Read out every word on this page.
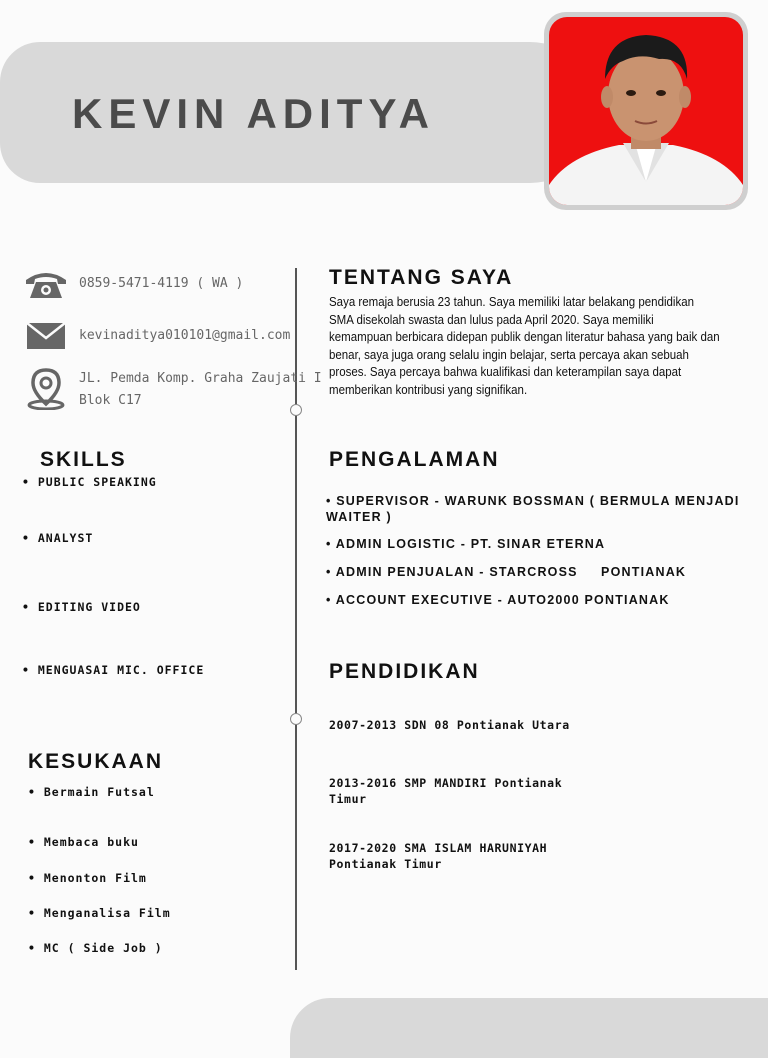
KEVIN ADITYA
0859-5471-4119 ( WA )
kevinaditya010101@gmail.com
JL. Pemda Komp. Graha Zaujati I
Blok C17
SKILLS
• PUBLIC SPEAKING
• ANALYST
• EDITING VIDEO
• MENGUASAI MIC. OFFICE
KESUKAAN
• Bermain Futsal
• Membaca buku
• Menonton Film
• Menganalisa Film
• MC ( Side Job )
TENTANG SAYA

Saya remaja berusia 23 tahun. Saya memiliki latar belakang pendidikan SMA disekolah swasta dan lulus pada April 2020. Saya memiliki kemampuan berbicara didepan publik dengan literatur bahasa yang baik dan benar, saya juga orang selalu ingin belajar, serta percaya akan sebuah proses. Saya percaya bahwa kualifikasi dan keterampilan saya dapat memberikan kontribusi yang signifikan.

PENGALAMAN
• SUPERVISOR - WARUNK BOSSMAN ( BERMULA MENJADI WAITER )
• ADMIN LOGISTIC - PT. SINAR ETERNA
• ADMIN PENJUALAN - STARCROSS     PONTIANAK
• ACCOUNT EXECUTIVE - AUTO2000 PONTIANAK
PENDIDIKAN
2007-2013 SDN 08 Pontianak Utara
2013-2016 SMP MANDIRI Pontianak Timur
2017-2020 SMA ISLAM HARUNIYAH Pontianak Timur
